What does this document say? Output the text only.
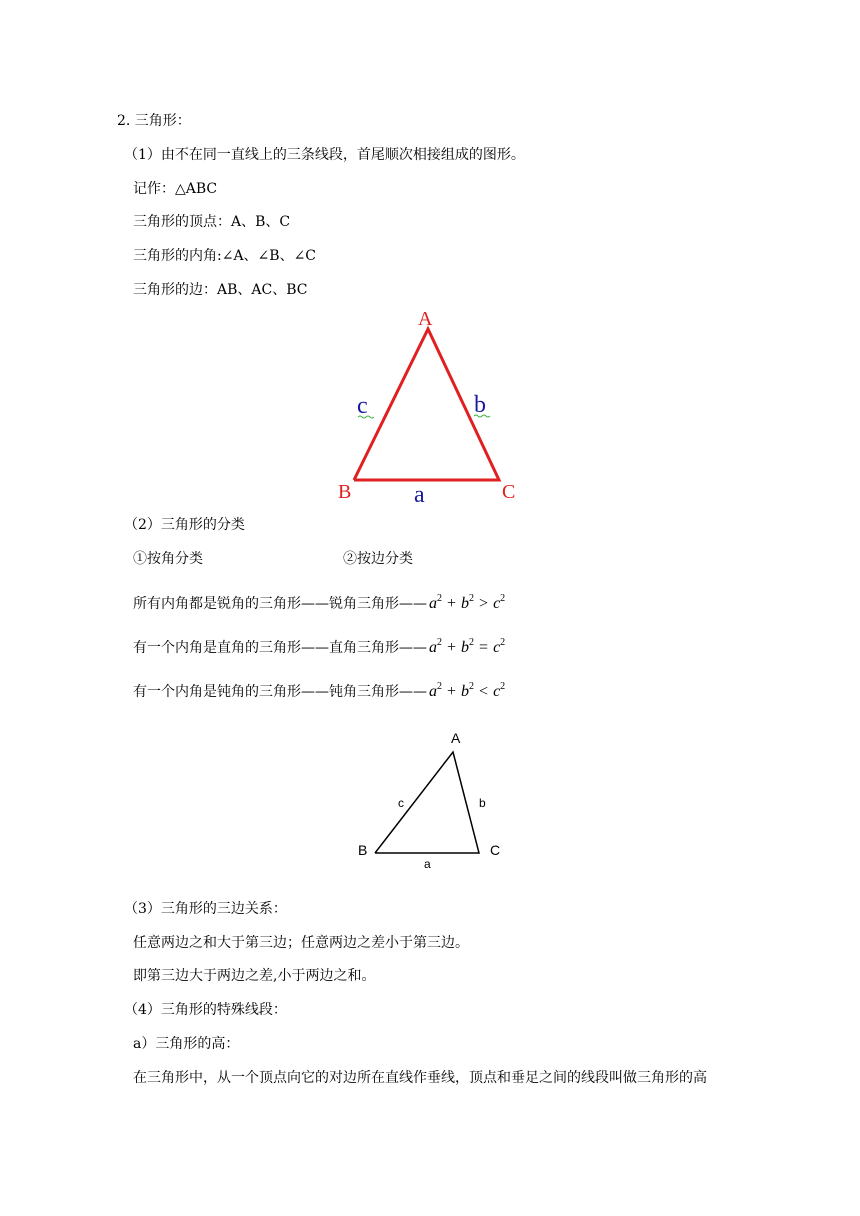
2. 三角形：
（1）由不在同一直线上的三条线段，首尾顺次相接组成的图形。
记作：△ABC
三角形的顶点：A、B、C
三角形的内角:∠A、∠B、∠C
三角形的边：AB、AC、BC
A
B	C
a
b
c
（2）三角形的分类
①按角分类	②按边分类
所有内角都是锐角的三角形——锐角三角形—— $a^2 + b^2 > c^2$
有一个内角是直角的三角形——直角三角形—— $a^2 + b^2 = c^2$
有一个内角是钝角的三角形——钝角三角形—— $a^2 + b^2 < c^2$
A
B	C
a
b
c
（3）三角形的三边关系：
任意两边之和大于第三边；任意两边之差小于第三边。
即第三边大于两边之差,小于两边之和。
（4）三角形的特殊线段：
a）三角形的高：
在三角形中，从一个顶点向它的对边所在直线作垂线，顶点和垂足之间的线段叫做三角形的高
